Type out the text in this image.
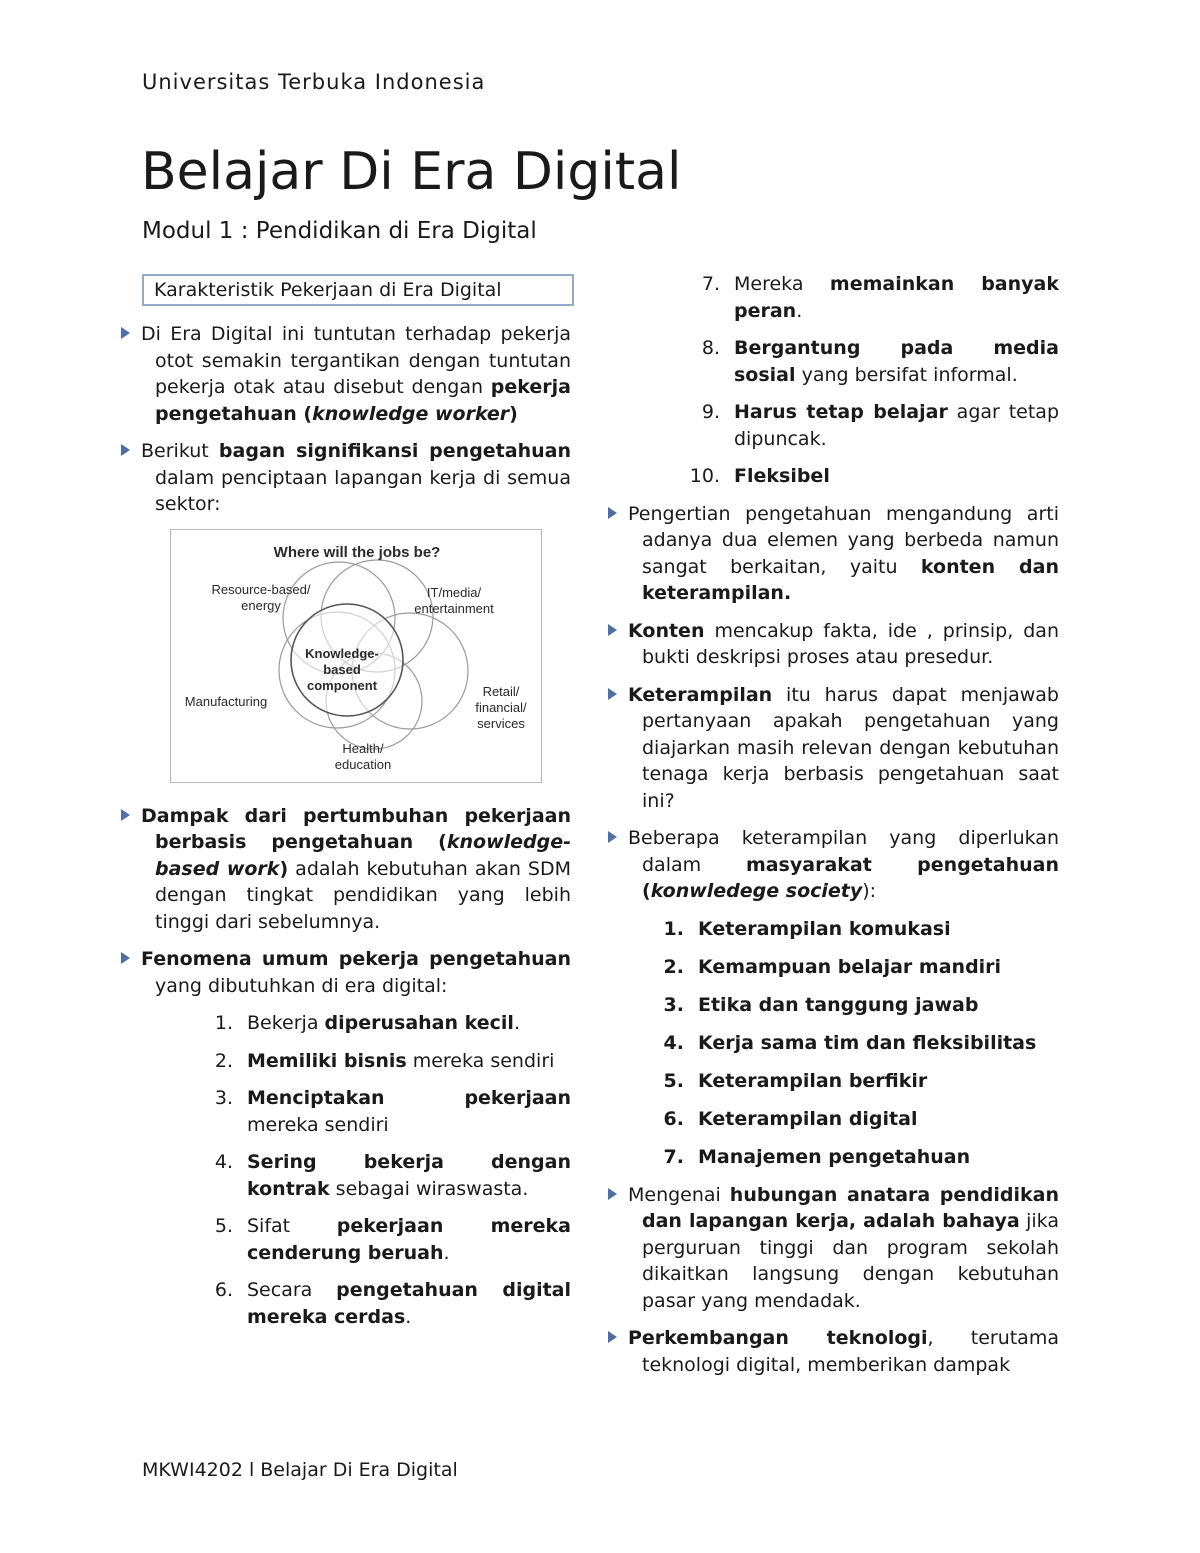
Universitas Terbuka Indonesia
Belajar Di Era Digital
Modul 1 : Pendidikan di Era Digital
Karakteristik Pekerjaan di Era Digital
Di Era Digital ini tuntutan terhadap pekerja otot semakin tergantikan dengan tuntutan pekerja otak atau disebut dengan pekerja pengetahuan (knowledge worker)
Berikut bagan signifikansi pengetahuan dalam penciptaan lapangan kerja di semua sektor:
Where will the jobs be?
Resource-based/
energy
IT/media/
entertainment
Knowledge-
based
component
Manufacturing
Retail/
financial/
services
Health/
education
Dampak dari pertumbuhan pekerjaan berbasis pengetahuan (knowledge-based work) adalah kebutuhan akan SDM dengan tingkat pendidikan yang lebih tinggi dari sebelumnya.
Fenomena umum pekerja pengetahuan yang dibutuhkan di era digital:
1. Bekerja diperusahan kecil.
2. Memiliki bisnis mereka sendiri
3. Menciptakan pekerjaan mereka sendiri
4. Sering bekerja dengan kontrak sebagai wiraswasta.
5. Sifat pekerjaan mereka cenderung beruah.
6. Secara pengetahuan digital mereka cerdas.
7. Mereka memainkan banyak peran.
8. Bergantung pada media sosial yang bersifat informal.
9. Harus tetap belajar agar tetap dipuncak.
10. Fleksibel
Pengertian pengetahuan mengandung arti adanya dua elemen yang berbeda namun sangat berkaitan, yaitu konten dan keterampilan.
Konten mencakup fakta, ide , prinsip, dan bukti deskripsi proses atau presedur.
Keterampilan itu harus dapat menjawab pertanyaan apakah pengetahuan yang diajarkan masih relevan dengan kebutuhan tenaga kerja berbasis pengetahuan saat ini?
Beberapa keterampilan yang diperlukan dalam masyarakat pengetahuan (konwledege society):
1. Keterampilan komukasi
2. Kemampuan belajar mandiri
3. Etika dan tanggung jawab
4. Kerja sama tim dan fleksibilitas
5. Keterampilan berfikir
6. Keterampilan digital
7. Manajemen pengetahuan
Mengenai hubungan anatara pendidikan dan lapangan kerja, adalah bahaya jika perguruan tinggi dan program sekolah dikaitkan langsung dengan kebutuhan pasar yang mendadak.
Perkembangan teknologi, terutama teknologi digital, memberikan dampak
MKWI4202 l Belajar Di Era Digital
